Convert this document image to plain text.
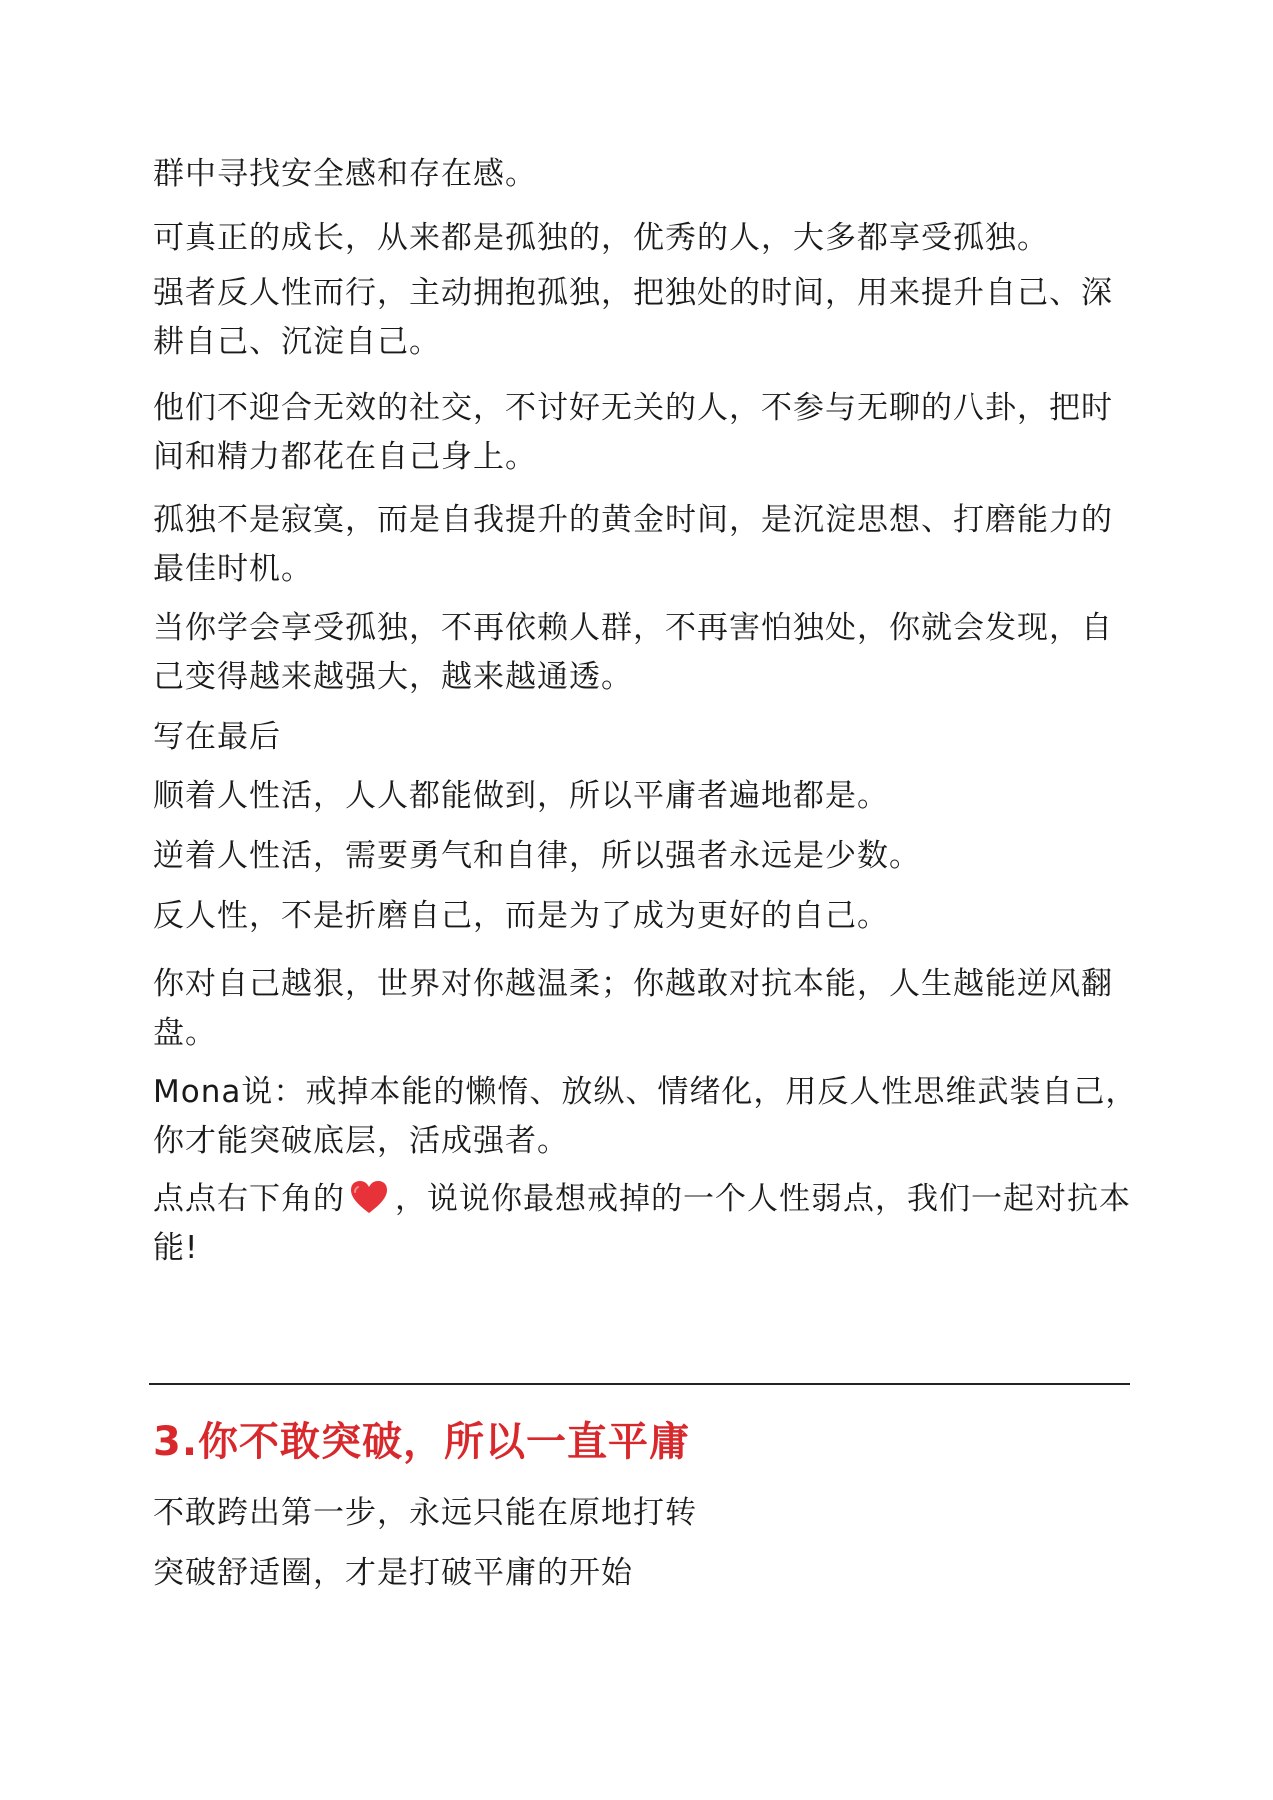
群中寻找安全感和存在感。

可真正的成长，从来都是孤独的，优秀的人，大多都享受孤独。

强者反人性而行，主动拥抱孤独，把独处的时间，用来提升自己、深耕自己、沉淀自己。

他们不迎合无效的社交，不讨好无关的人，不参与无聊的八卦，把时间和精力都花在自己身上。

孤独不是寂寞，而是自我提升的黄金时间，是沉淀思想、打磨能力的最佳时机。

当你学会享受孤独，不再依赖人群，不再害怕独处，你就会发现，自己变得越来越强大，越来越通透。

写在最后

顺着人性活，人人都能做到，所以平庸者遍地都是。

逆着人性活，需要勇气和自律，所以强者永远是少数。

反人性，不是折磨自己，而是为了成为更好的自己。

你对自己越狠，世界对你越温柔；你越敢对抗本能，人生越能逆风翻盘。

Mona说：戒掉本能的懒惰、放纵、情绪化，用反人性思维武装自己，你才能突破底层，活成强者。

点点右下角的 ，说说你最想戒掉的一个人性弱点，我们一起对抗本能!

3.你不敢突破，所以一直平庸

不敢跨出第一步，永远只能在原地打转

突破舒适圈，才是打破平庸的开始
